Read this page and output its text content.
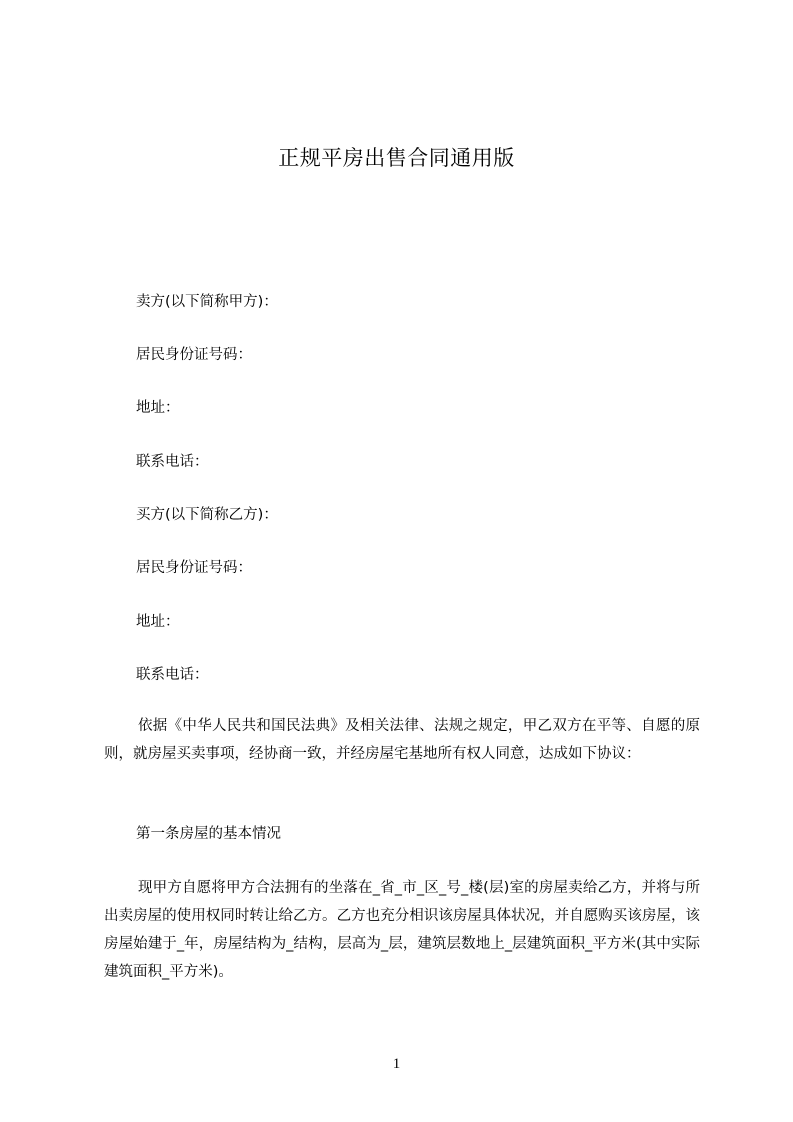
正规平房出售合同通用版
卖方(以下简称甲方)：
居民身份证号码：
地址：
联系电话：
买方(以下简称乙方)：
居民身份证号码：
地址：
联系电话：
依据《中华人民共和国民法典》及相关法律、法规之规定，甲乙双方在平等、自愿的原则，就房屋买卖事项，经协商一致，并经房屋宅基地所有权人同意，达成如下协议：
第一条房屋的基本情况
现甲方自愿将甲方合法拥有的坐落在_省_市_区_号_楼(层)室的房屋卖给乙方，并将与所出卖房屋的使用权同时转让给乙方。乙方也充分相识该房屋具体状况，并自愿购买该房屋，该房屋始建于_年，房屋结构为_结构，层高为_层，建筑层数地上_层建筑面积_平方米(其中实际建筑面积_平方米)。
1
